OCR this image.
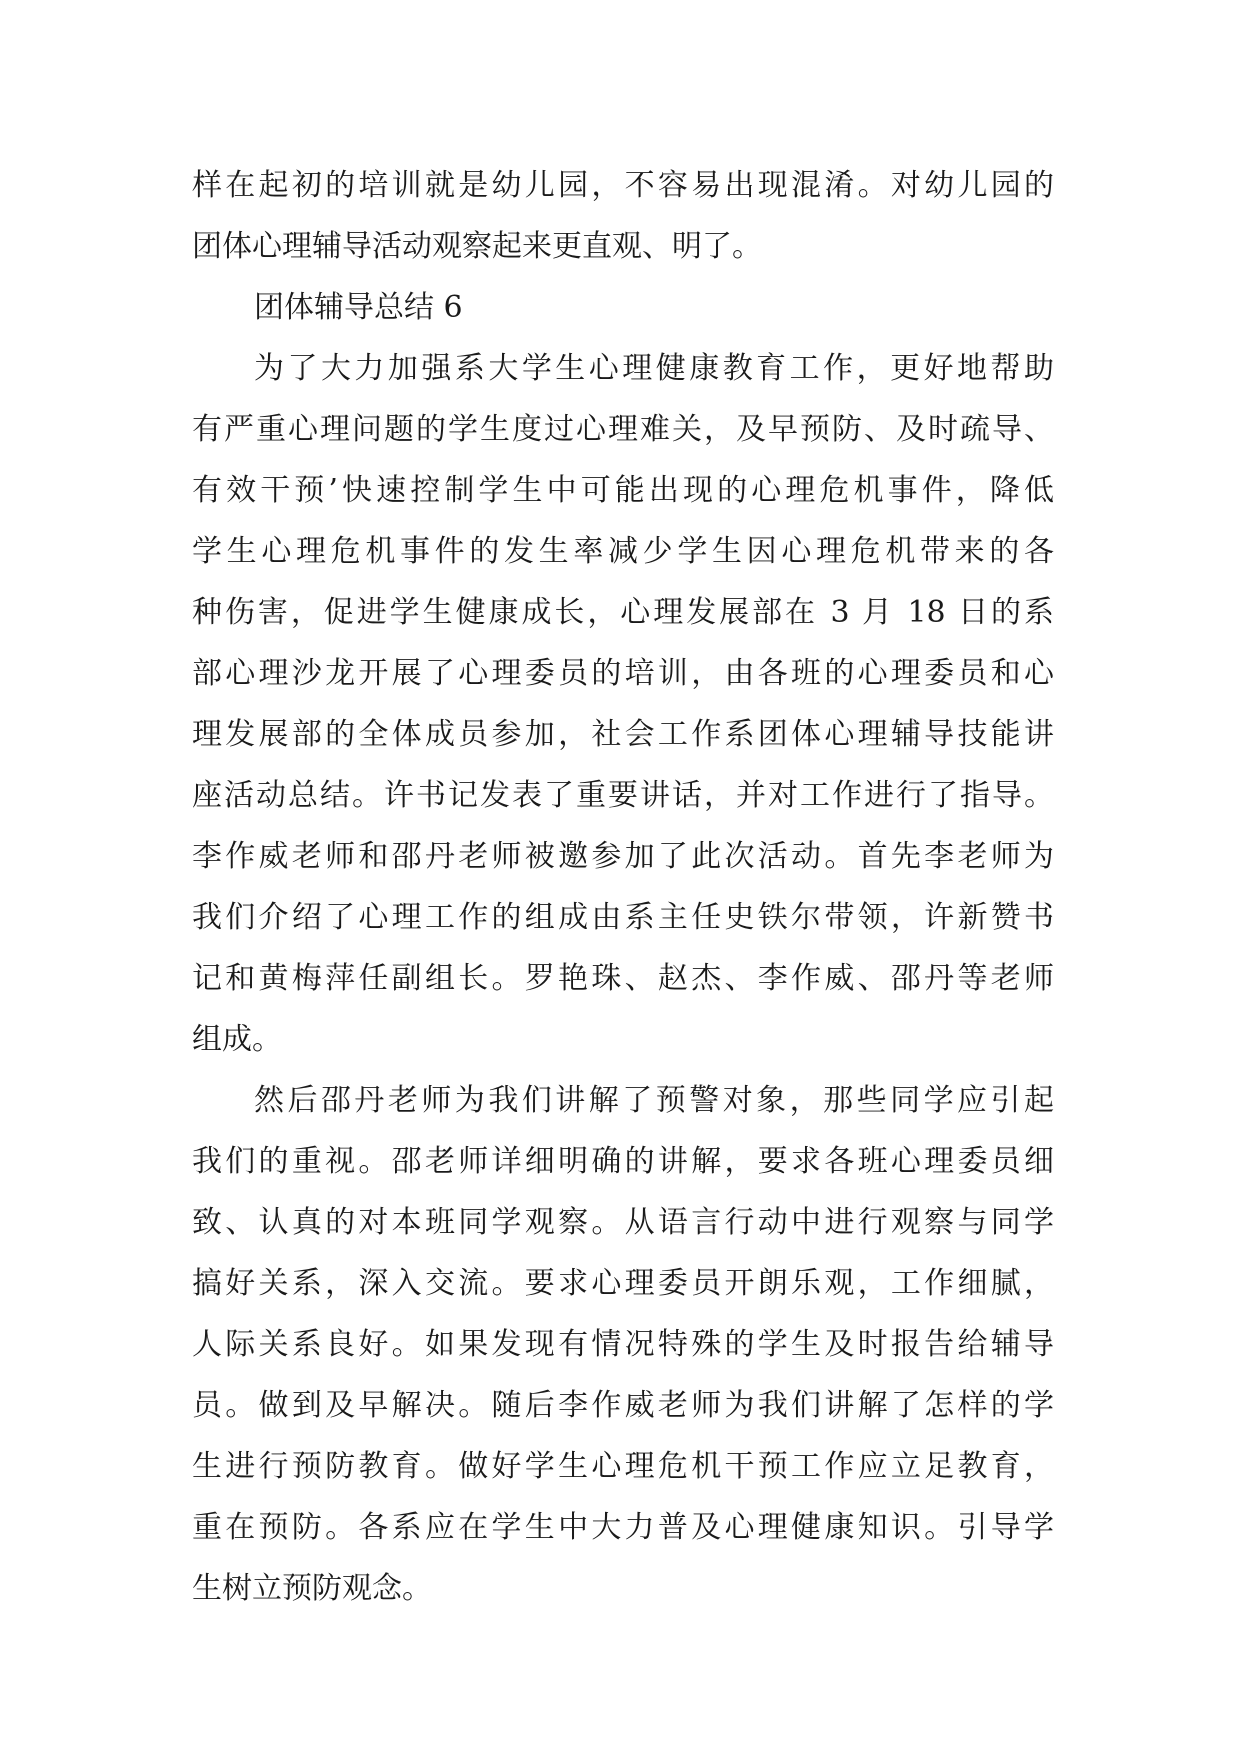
样在起初的培训就是幼儿园，不容易出现混淆。对幼儿园的
团体心理辅导活动观察起来更直观、明了。
团体辅导总结 6
为了大力加强系大学生心理健康教育工作，更好地帮助
有严重心理问题的学生度过心理难关，及早预防、及时疏导、
有效干预’快速控制学生中可能出现的心理危机事件，降低
学生心理危机事件的发生率减少学生因心理危机带来的各
种伤害，促进学生健康成长，心理发展部在 3 月 18 日的系
部心理沙龙开展了心理委员的培训，由各班的心理委员和心
理发展部的全体成员参加，社会工作系团体心理辅导技能讲
座活动总结。许书记发表了重要讲话，并对工作进行了指导。
李作威老师和邵丹老师被邀参加了此次活动。首先李老师为
我们介绍了心理工作的组成由系主任史铁尔带领，许新赞书
记和黄梅萍任副组长。罗艳珠、赵杰、李作威、邵丹等老师
组成。
然后邵丹老师为我们讲解了预警对象，那些同学应引起
我们的重视。邵老师详细明确的讲解，要求各班心理委员细
致、认真的对本班同学观察。从语言行动中进行观察与同学
搞好关系，深入交流。要求心理委员开朗乐观，工作细腻，
人际关系良好。如果发现有情况特殊的学生及时报告给辅导
员。做到及早解决。随后李作威老师为我们讲解了怎样的学
生进行预防教育。做好学生心理危机干预工作应立足教育，
重在预防。各系应在学生中大力普及心理健康知识。引导学
生树立预防观念。
